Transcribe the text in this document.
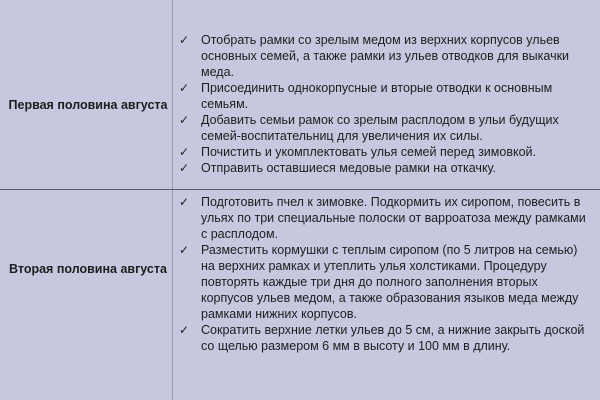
Первая половина августа
✓ Отобрать рамки со зрелым медом из верхних корпусов ульев основных семей, а также рамки из ульев отводков для выкачки меда.
✓ Присоединить однокорпусные и вторые отводки к основным семьям.
✓ Добавить семьи рамок со зрелым расплодом в ульи будущих семей-воспитательниц для увеличения их силы.
✓ Почистить и укомплектовать улья семей перед зимовкой.
✓ Отправить оставшиеся медовые рамки на откачку.
Вторая половина августа
✓ Подготовить пчел к зимовке. Подкормить их сиропом, повесить в ульях по три специальные полоски от варроатоза между рамками с расплодом.
✓ Разместить кормушки с теплым сиропом (по 5 литров на семью) на верхних рамках и утеплить улья холстиками. Процедуру повторять каждые три дня до полного заполнения вторых корпусов ульев медом, а также образования языков меда между рамками нижних корпусов.
✓ Сократить верхние летки ульев до 5 см, а нижние закрыть доской со щелью размером 6 мм в высоту и 100 мм в длину.
